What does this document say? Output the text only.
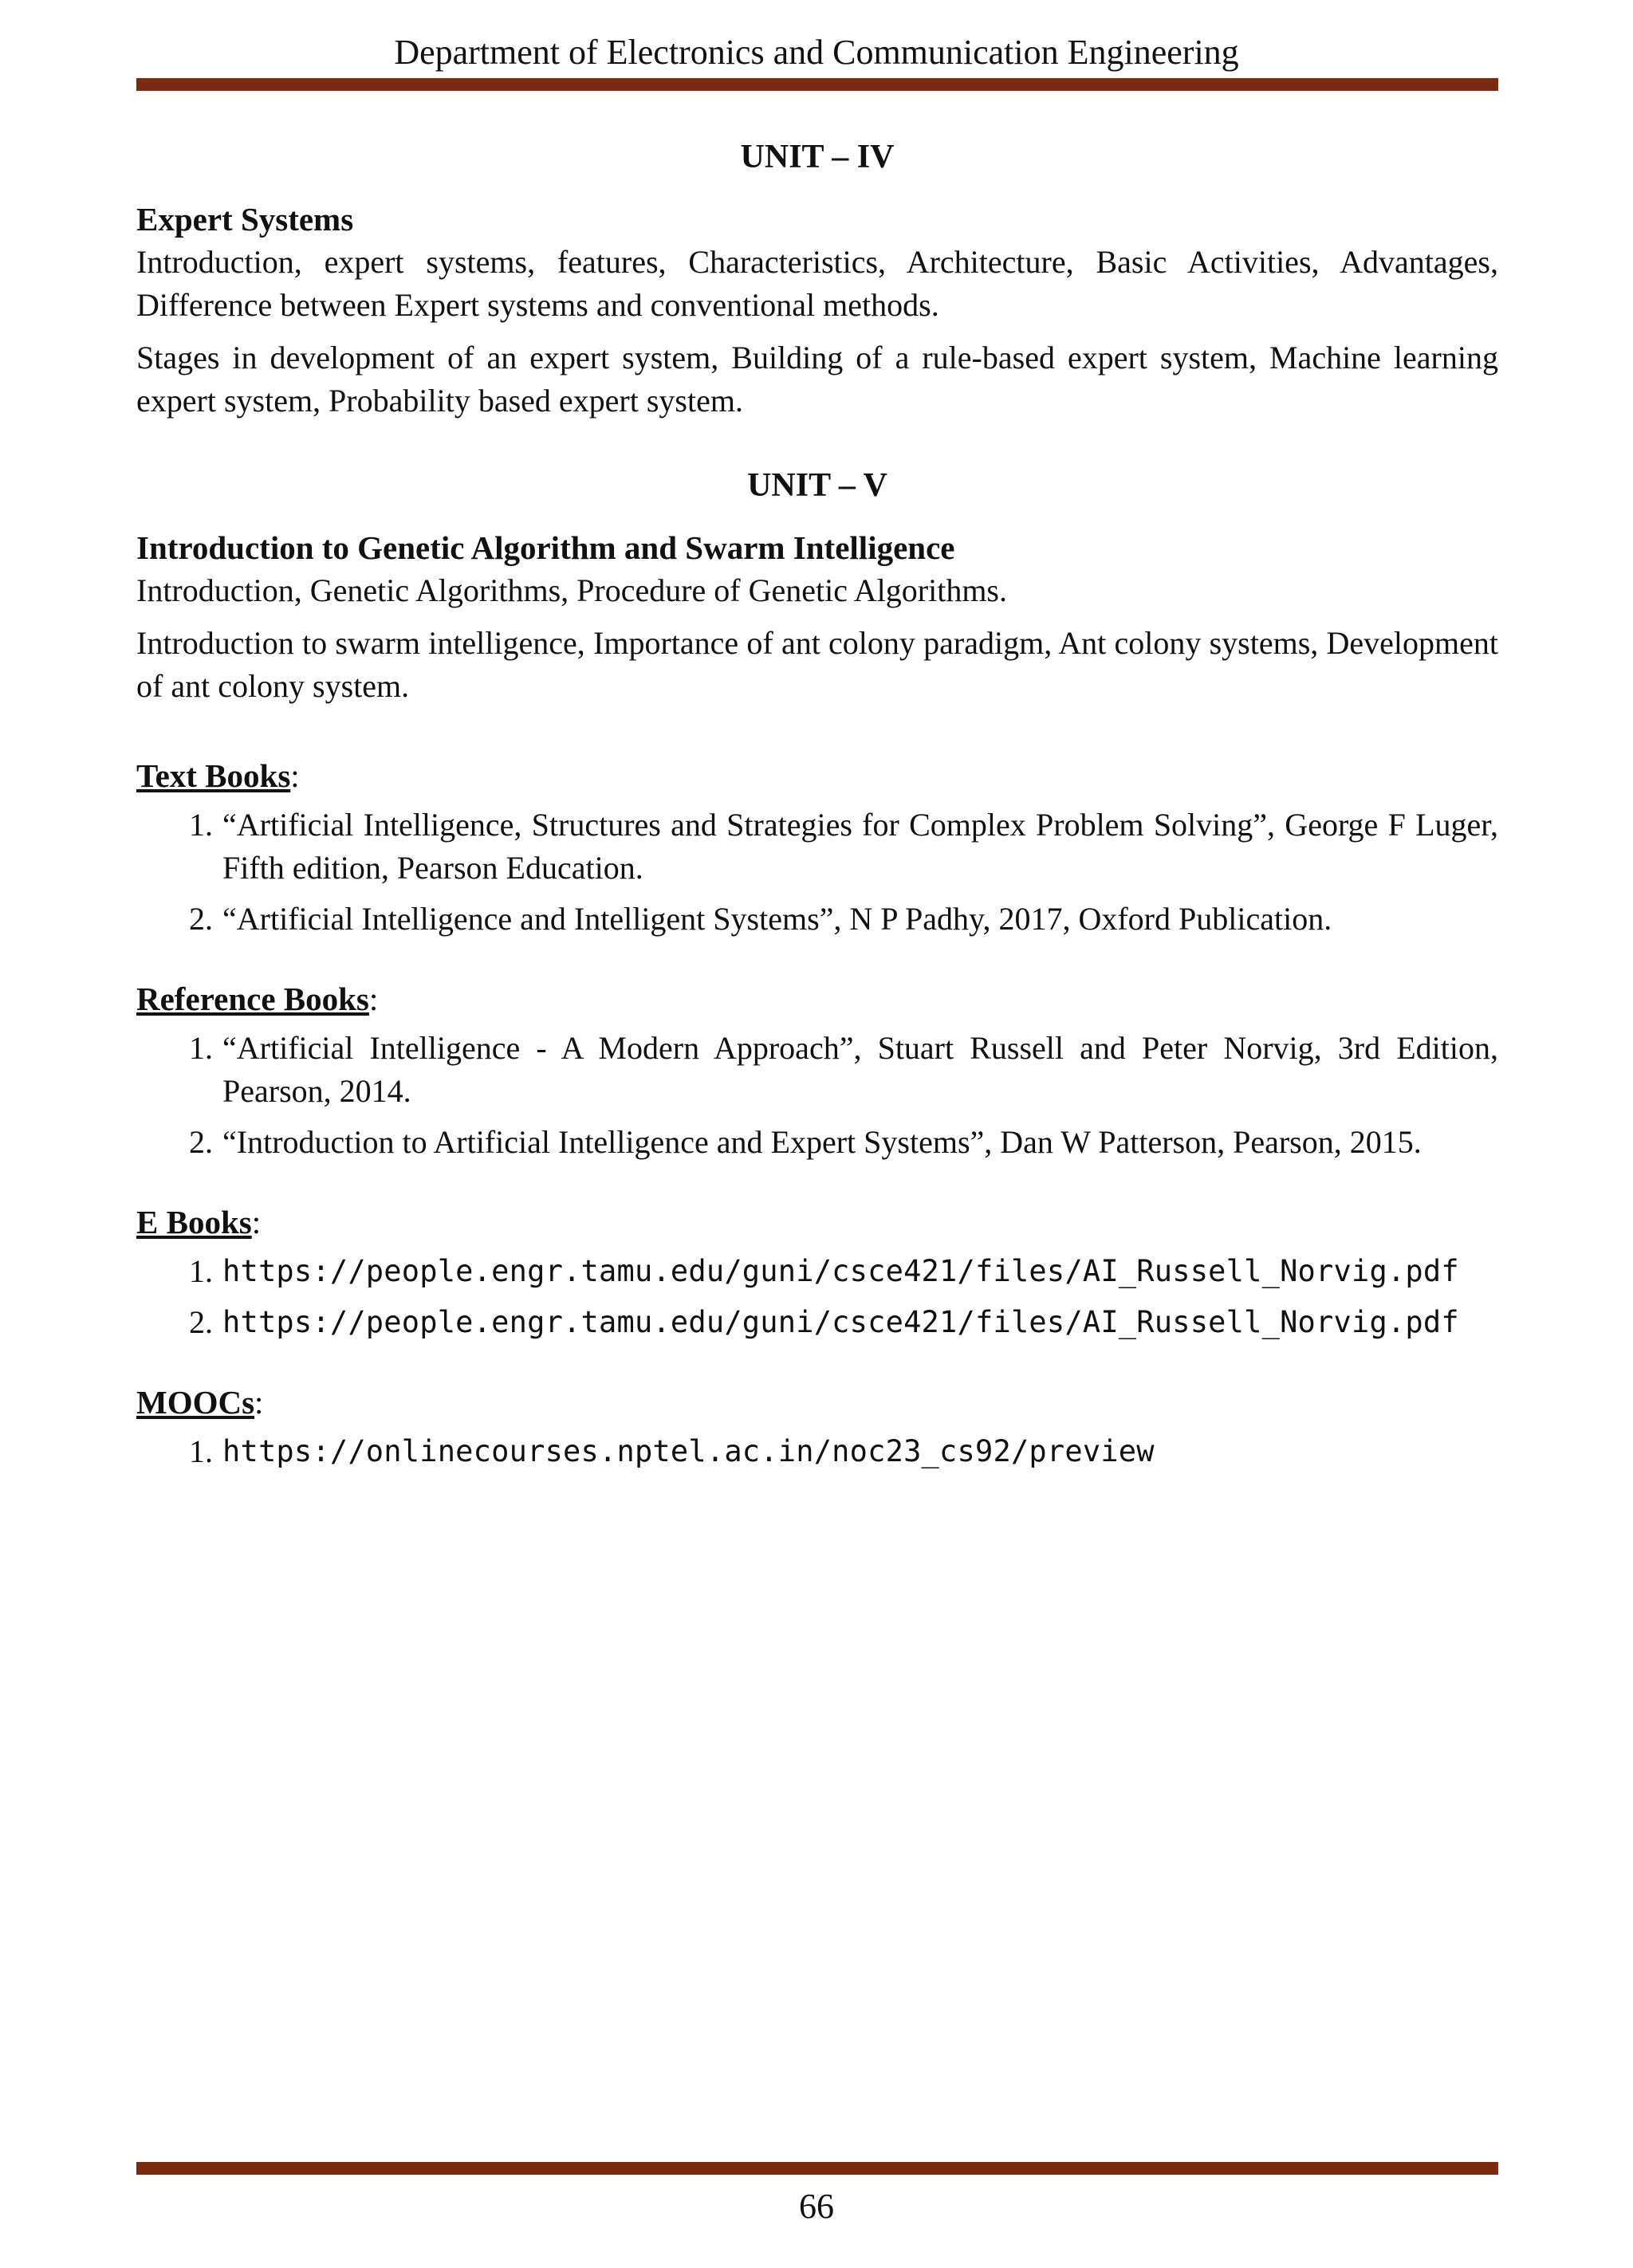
Department of Electronics and Communication Engineering
UNIT – IV
Expert Systems

Introduction, expert systems, features, Characteristics, Architecture, Basic Activities, Advantages, Difference between Expert systems and conventional methods.

Stages in development of an expert system, Building of a rule-based expert system, Machine learning expert system, Probability based expert system.

UNIT – V
Introduction to Genetic Algorithm and Swarm Intelligence

Introduction, Genetic Algorithms, Procedure of Genetic Algorithms.

Introduction to swarm intelligence, Importance of ant colony paradigm, Ant colony systems, Development of ant colony system.

Text Books:
1. “Artificial Intelligence, Structures and Strategies for Complex Problem Solving”, George F Luger, Fifth edition, Pearson Education.
2. “Artificial Intelligence and Intelligent Systems”, N P Padhy, 2017, Oxford Publication.
Reference Books:
1. “Artificial Intelligence - A Modern Approach”, Stuart Russell and Peter Norvig, 3rd Edition, Pearson, 2014.
2. “Introduction to Artificial Intelligence and Expert Systems”, Dan W Patterson, Pearson, 2015.
E Books:
1. https://people.engr.tamu.edu/guni/csce421/files/AI_Russell_Norvig.pdf
2. https://people.engr.tamu.edu/guni/csce421/files/AI_Russell_Norvig.pdf
MOOCs:
1. https://onlinecourses.nptel.ac.in/noc23_cs92/preview
66
